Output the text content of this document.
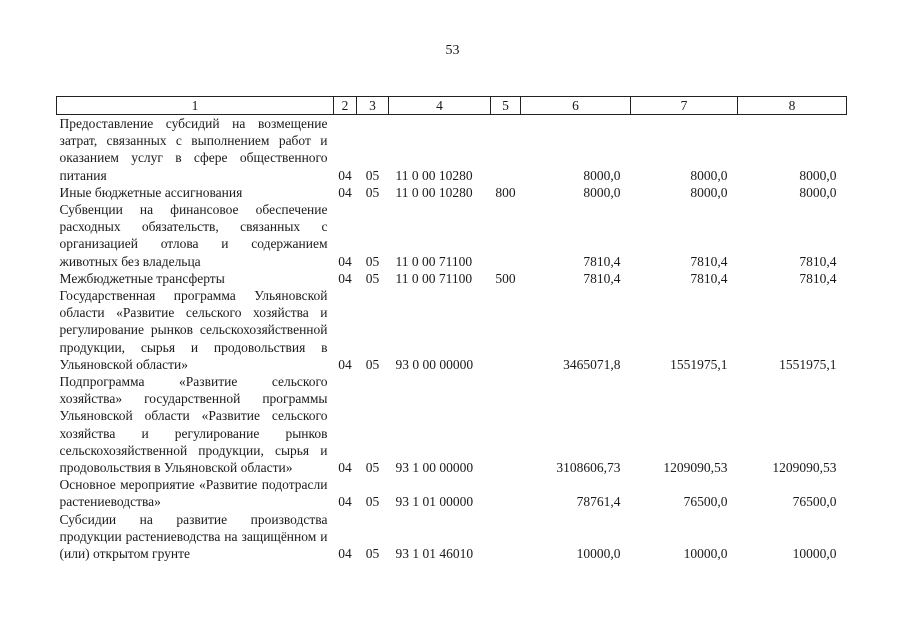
53
1	2	3	4	5	6	7	8
Предоставление субсидий на возмещение затрат, связанных с выполнением работ и оказанием услуг в сфере общественного питания	04	05	11 0 00 10280		8000,0	8000,0	8000,0
Иные бюджетные ассигнования	04	05	11 0 00 10280	800	8000,0	8000,0	8000,0
Субвенции на финансовое обеспечение расходных обязательств, связанных с организацией отлова и содержанием животных без владельца	04	05	11 0 00 71100		7810,4	7810,4	7810,4
Межбюджетные трансферты	04	05	11 0 00 71100	500	7810,4	7810,4	7810,4
Государственная программа Ульяновской области «Развитие сельского хозяйства и регулирование рынков сельскохозяйственной продукции, сырья и продовольствия в Ульяновской области»	04	05	93 0 00 00000		3465071,8	1551975,1	1551975,1
Подпрограмма «Развитие сельского хозяйства» государственной программы Ульяновской области «Развитие сельского хозяйства и регулирование рынков сельскохозяйственной продукции, сырья и продовольствия в Ульяновской области»	04	05	93 1 00 00000		3108606,73	1209090,53	1209090,53
Основное мероприятие «Развитие подотрасли растениеводства»	04	05	93 1 01 00000		78761,4	76500,0	76500,0
Субсидии на развитие производства продукции растениеводства на защищённом и (или) открытом грунте	04	05	93 1 01 46010		10000,0	10000,0	10000,0
